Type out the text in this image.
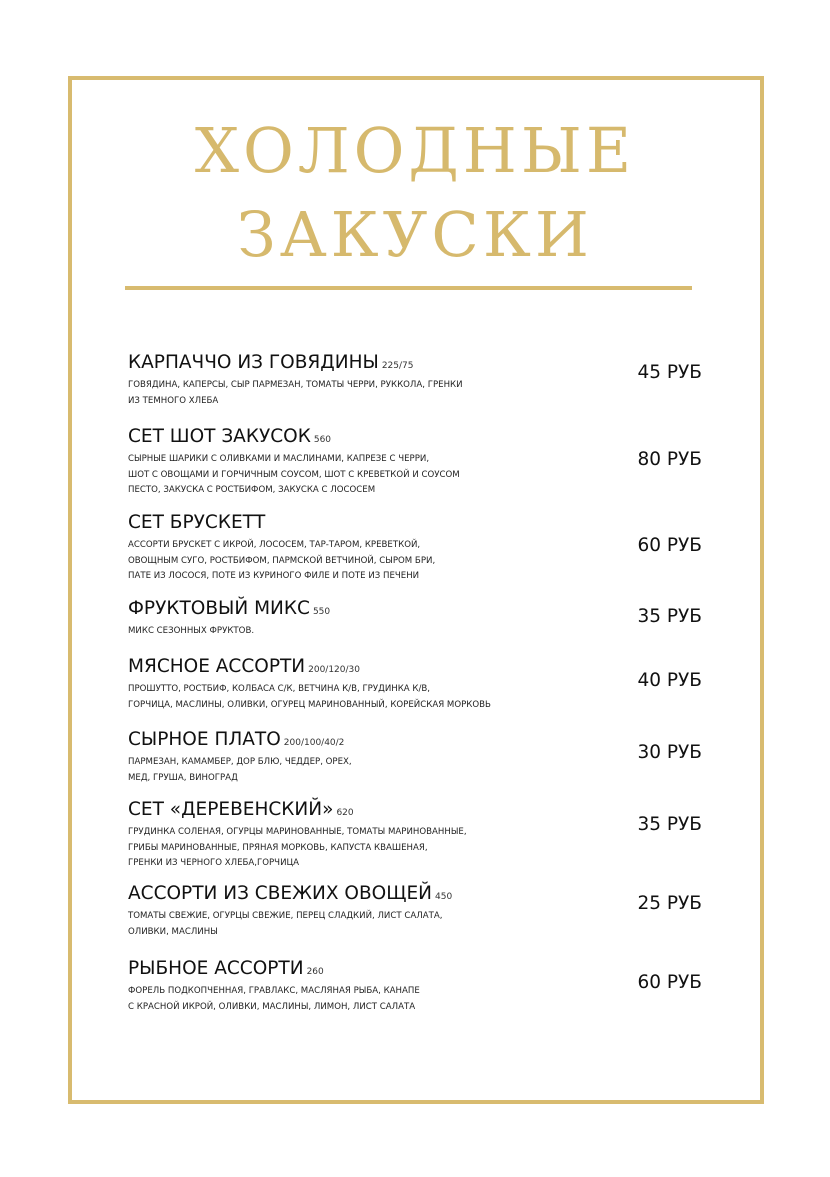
ХОЛОДНЫЕ
ЗАКУСКИ
КАРПАЧЧО ИЗ ГОВЯДИНЫ 225/75
ГОВЯДИНА, КАПЕРСЫ, СЫР ПАРМЕЗАН, ТОМАТЫ ЧЕРРИ, РУККОЛА, ГРЕНКИ
ИЗ ТЕМНОГО ХЛЕБА
45 РУБ
СЕТ ШОТ ЗАКУСОК 560
СЫРНЫЕ ШАРИКИ С ОЛИВКАМИ И МАСЛИНАМИ, КАПРЕЗЕ С ЧЕРРИ,
ШОТ С ОВОЩАМИ И ГОРЧИЧНЫМ СОУСОМ, ШОТ С КРЕВЕТКОЙ И СОУСОМ
ПЕСТО, ЗАКУСКА С РОСТБИФОМ, ЗАКУСКА С ЛОСОСЕМ
80 РУБ
СЕТ БРУСКЕТТ
АССОРТИ БРУСКЕТ С ИКРОЙ, ЛОСОСЕМ, ТАР-ТАРОМ, КРЕВЕТКОЙ,
ОВОЩНЫМ СУГО, РОСТБИФОМ, ПАРМСКОЙ ВЕТЧИНОЙ, СЫРОМ БРИ,
ПАТЕ ИЗ ЛОСОСЯ, ПОТЕ ИЗ КУРИНОГО ФИЛЕ И ПОТЕ ИЗ ПЕЧЕНИ
60 РУБ
ФРУКТОВЫЙ МИКС 550
МИКС СЕЗОННЫХ ФРУКТОВ.
35 РУБ
МЯСНОЕ АССОРТИ 200/120/30
ПРОШУТТО, РОСТБИФ, КОЛБАСА С/К, ВЕТЧИНА К/В, ГРУДИНКА К/В,
ГОРЧИЦА, МАСЛИНЫ, ОЛИВКИ, ОГУРЕЦ МАРИНОВАННЫЙ, КОРЕЙСКАЯ МОРКОВЬ
40 РУБ
СЫРНОЕ ПЛАТО 200/100/40/2
ПАРМЕЗАН, КАМАМБЕР, ДОР БЛЮ, ЧЕДДЕР, ОРЕХ,
МЕД, ГРУША, ВИНОГРАД
30 РУБ
СЕТ «ДЕРЕВЕНСКИЙ» 620
ГРУДИНКА СОЛЕНАЯ, ОГУРЦЫ МАРИНОВАННЫЕ, ТОМАТЫ МАРИНОВАННЫЕ,
ГРИБЫ МАРИНОВАННЫЕ, ПРЯНАЯ МОРКОВЬ, КАПУСТА КВАШЕНАЯ,
ГРЕНКИ ИЗ ЧЕРНОГО ХЛЕБА,ГОРЧИЦА
35 РУБ
АССОРТИ ИЗ СВЕЖИХ ОВОЩЕЙ 450
ТОМАТЫ СВЕЖИЕ, ОГУРЦЫ СВЕЖИЕ, ПЕРЕЦ СЛАДКИЙ, ЛИСТ САЛАТА,
ОЛИВКИ, МАСЛИНЫ
25 РУБ
РЫБНОЕ АССОРТИ 260
ФОРЕЛЬ ПОДКОПЧЕННАЯ, ГРАВЛАКС, МАСЛЯНАЯ РЫБА, КАНАПЕ
С КРАСНОЙ ИКРОЙ, ОЛИВКИ, МАСЛИНЫ, ЛИМОН, ЛИСТ САЛАТА
60 РУБ
